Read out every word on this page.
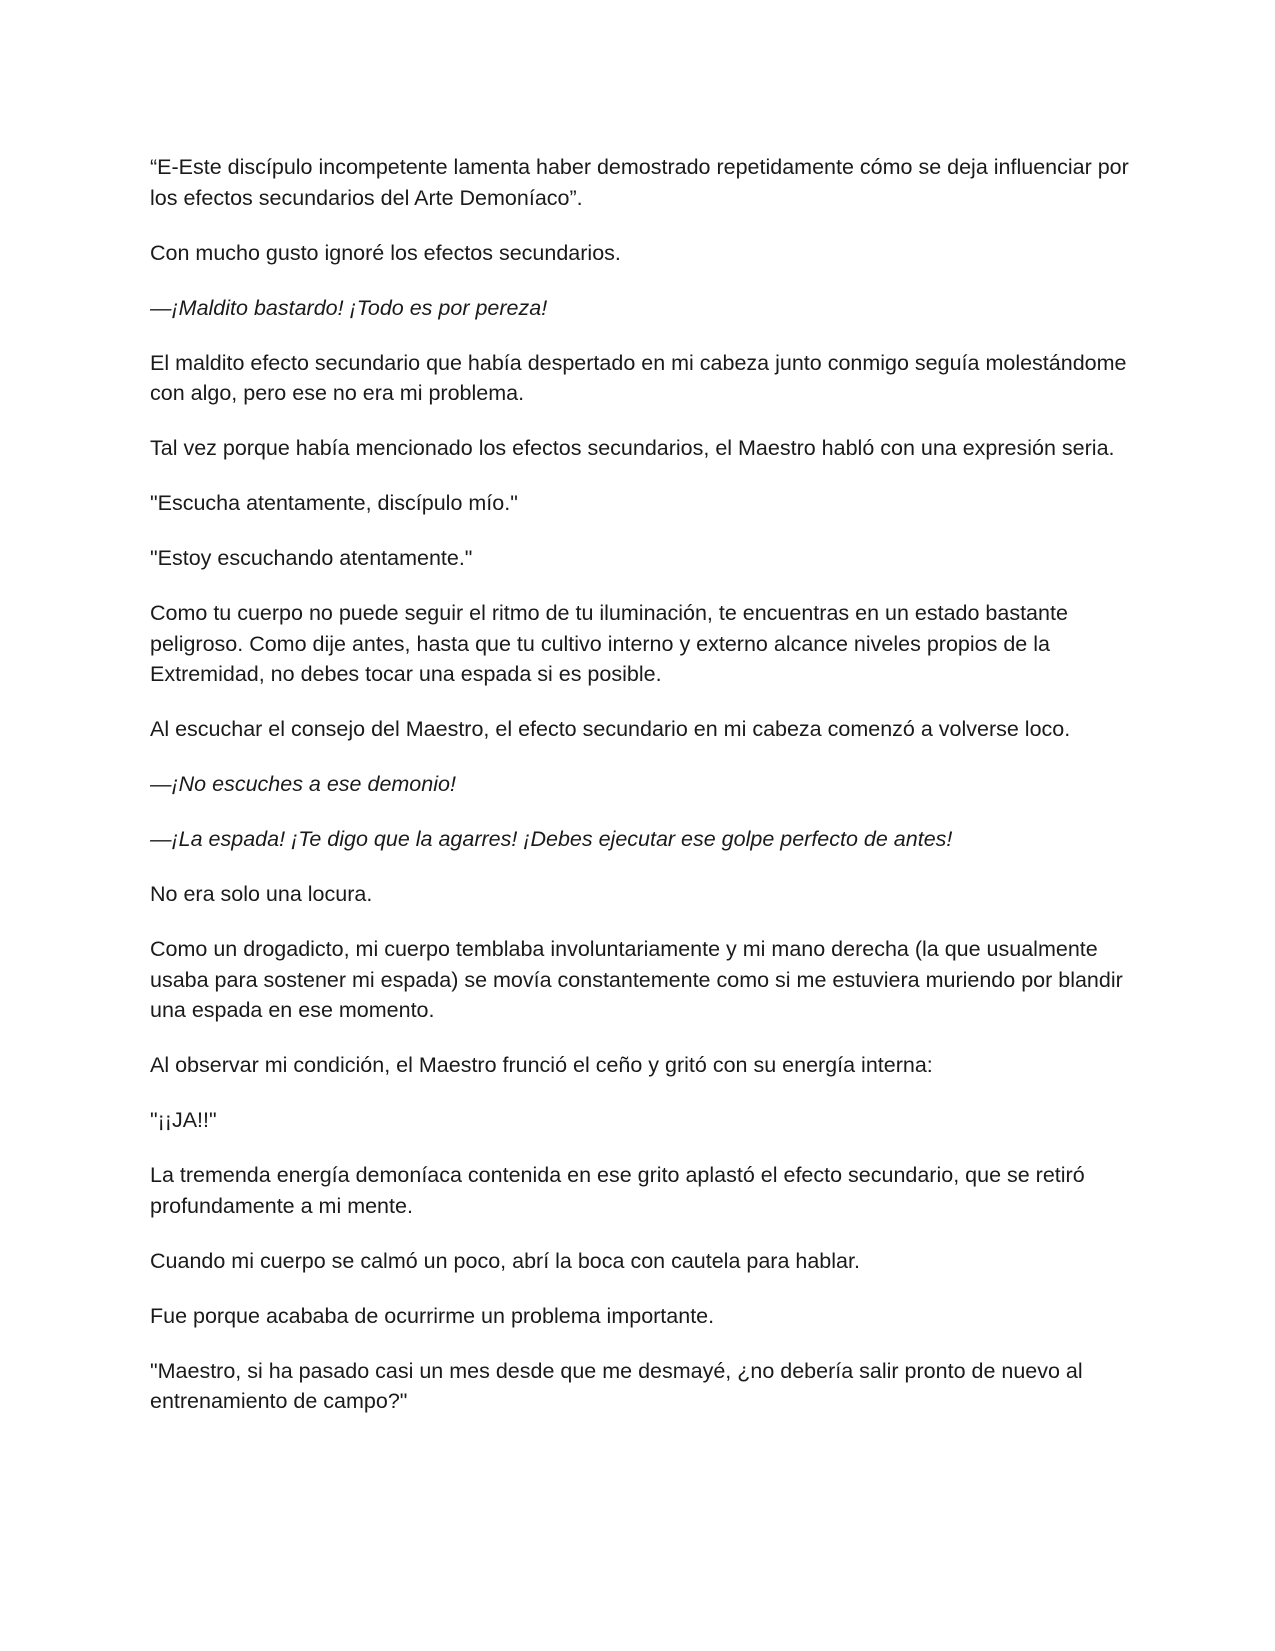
“E-Este discípulo incompetente lamenta haber demostrado repetidamente cómo se deja influenciar por los efectos secundarios del Arte Demoníaco”.

Con mucho gusto ignoré los efectos secundarios.

—¡Maldito bastardo! ¡Todo es por pereza!

El maldito efecto secundario que había despertado en mi cabeza junto conmigo seguía molestándome con algo, pero ese no era mi problema.

Tal vez porque había mencionado los efectos secundarios, el Maestro habló con una expresión seria.

"Escucha atentamente, discípulo mío."

"Estoy escuchando atentamente."

Como tu cuerpo no puede seguir el ritmo de tu iluminación, te encuentras en un estado bastante peligroso. Como dije antes, hasta que tu cultivo interno y externo alcance niveles propios de la Extremidad, no debes tocar una espada si es posible.

Al escuchar el consejo del Maestro, el efecto secundario en mi cabeza comenzó a volverse loco.

—¡No escuches a ese demonio!

—¡La espada! ¡Te digo que la agarres! ¡Debes ejecutar ese golpe perfecto de antes!

No era solo una locura.

Como un drogadicto, mi cuerpo temblaba involuntariamente y mi mano derecha (la que usualmente usaba para sostener mi espada) se movía constantemente como si me estuviera muriendo por blandir una espada en ese momento.

Al observar mi condición, el Maestro frunció el ceño y gritó con su energía interna:

"¡¡JA!!"

La tremenda energía demoníaca contenida en ese grito aplastó el efecto secundario, que se retiró profundamente a mi mente.

Cuando mi cuerpo se calmó un poco, abrí la boca con cautela para hablar.

Fue porque acababa de ocurrirme un problema importante.

"Maestro, si ha pasado casi un mes desde que me desmayé, ¿no debería salir pronto de nuevo al entrenamiento de campo?"
